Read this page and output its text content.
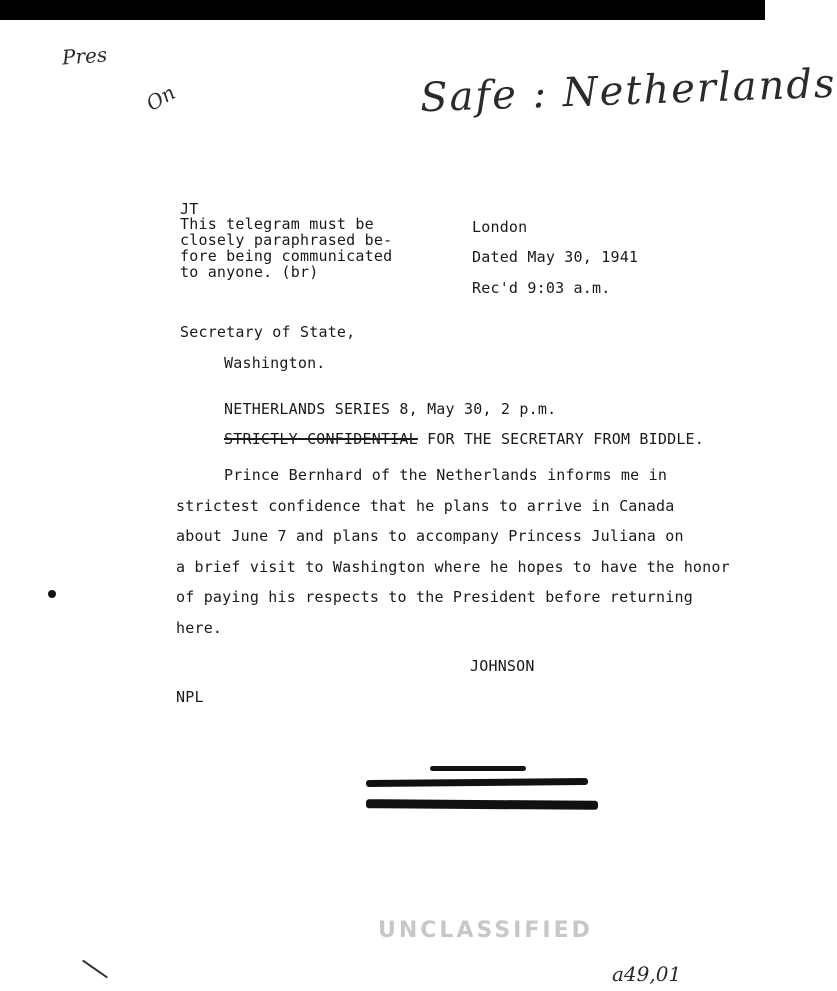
Pres
On	Safe : Netherlands
JT
This telegram must be
closely paraphrased be-
fore being communicated
to anyone. (br)
London
Dated May 30, 1941
Rec'd 9:03 a.m.
Secretary of State,
Washington.
NETHERLANDS SERIES 8, May 30, 2 p.m.
STRICTLY CONFIDENTIAL FOR THE SECRETARY FROM BIDDLE.
Prince Bernhard of the Netherlands informs me in
strictest confidence that he plans to arrive in Canada
about June 7 and plans to accompany Princess Juliana on
a brief visit to Washington where he hopes to have the honor
of paying his respects to the President before returning
here.
JOHNSON
NPL
UNCLASSIFIED
a49,01
